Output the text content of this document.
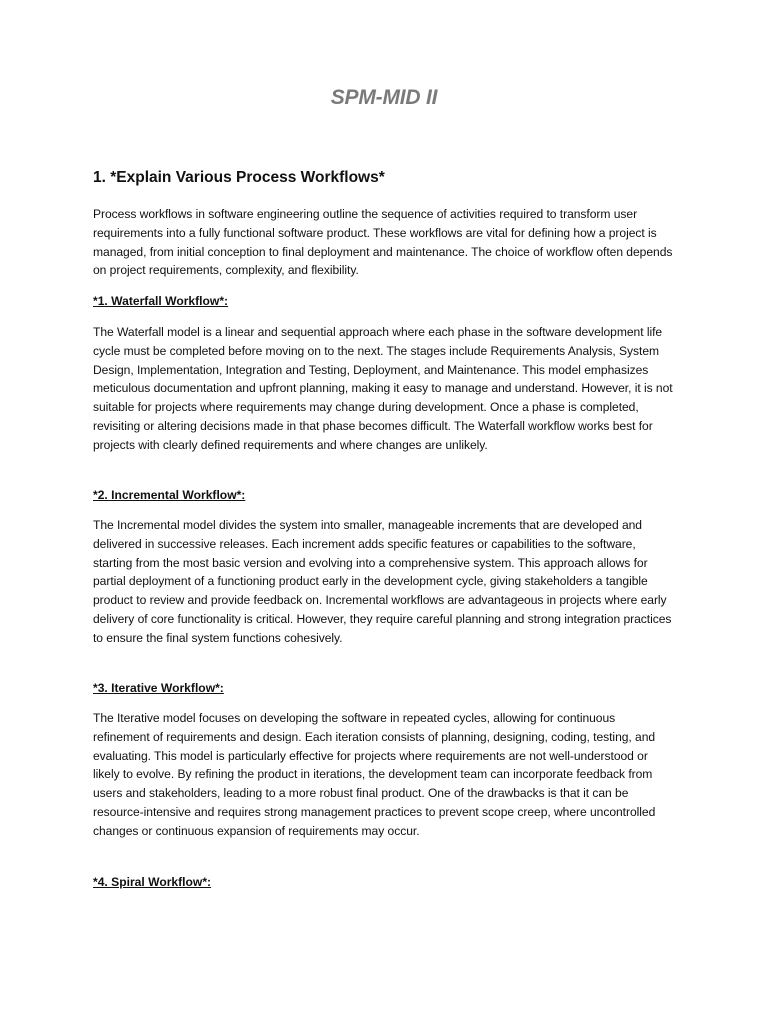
SPM-MID II
1. *Explain Various Process Workflows*

Process workflows in software engineering outline the sequence of activities required to transform user requirements into a fully functional software product. These workflows are vital for defining how a project is managed, from initial conception to final deployment and maintenance. The choice of workflow often depends on project requirements, complexity, and flexibility.

*1. Waterfall Workflow*:

The Waterfall model is a linear and sequential approach where each phase in the software development life cycle must be completed before moving on to the next. The stages include Requirements Analysis, System Design, Implementation, Integration and Testing, Deployment, and Maintenance. This model emphasizes meticulous documentation and upfront planning, making it easy to manage and understand. However, it is not suitable for projects where requirements may change during development. Once a phase is completed, revisiting or altering decisions made in that phase becomes difficult. The Waterfall workflow works best for projects with clearly defined requirements and where changes are unlikely.

*2. Incremental Workflow*:

The Incremental model divides the system into smaller, manageable increments that are developed and delivered in successive releases. Each increment adds specific features or capabilities to the software, starting from the most basic version and evolving into a comprehensive system. This approach allows for partial deployment of a functioning product early in the development cycle, giving stakeholders a tangible product to review and provide feedback on. Incremental workflows are advantageous in projects where early delivery of core functionality is critical. However, they require careful planning and strong integration practices to ensure the final system functions cohesively.

*3. Iterative Workflow*:

The Iterative model focuses on developing the software in repeated cycles, allowing for continuous refinement of requirements and design. Each iteration consists of planning, designing, coding, testing, and evaluating. This model is particularly effective for projects where requirements are not well-understood or likely to evolve. By refining the product in iterations, the development team can incorporate feedback from users and stakeholders, leading to a more robust final product. One of the drawbacks is that it can be resource-intensive and requires strong management practices to prevent scope creep, where uncontrolled changes or continuous expansion of requirements may occur.

*4. Spiral Workflow*:
